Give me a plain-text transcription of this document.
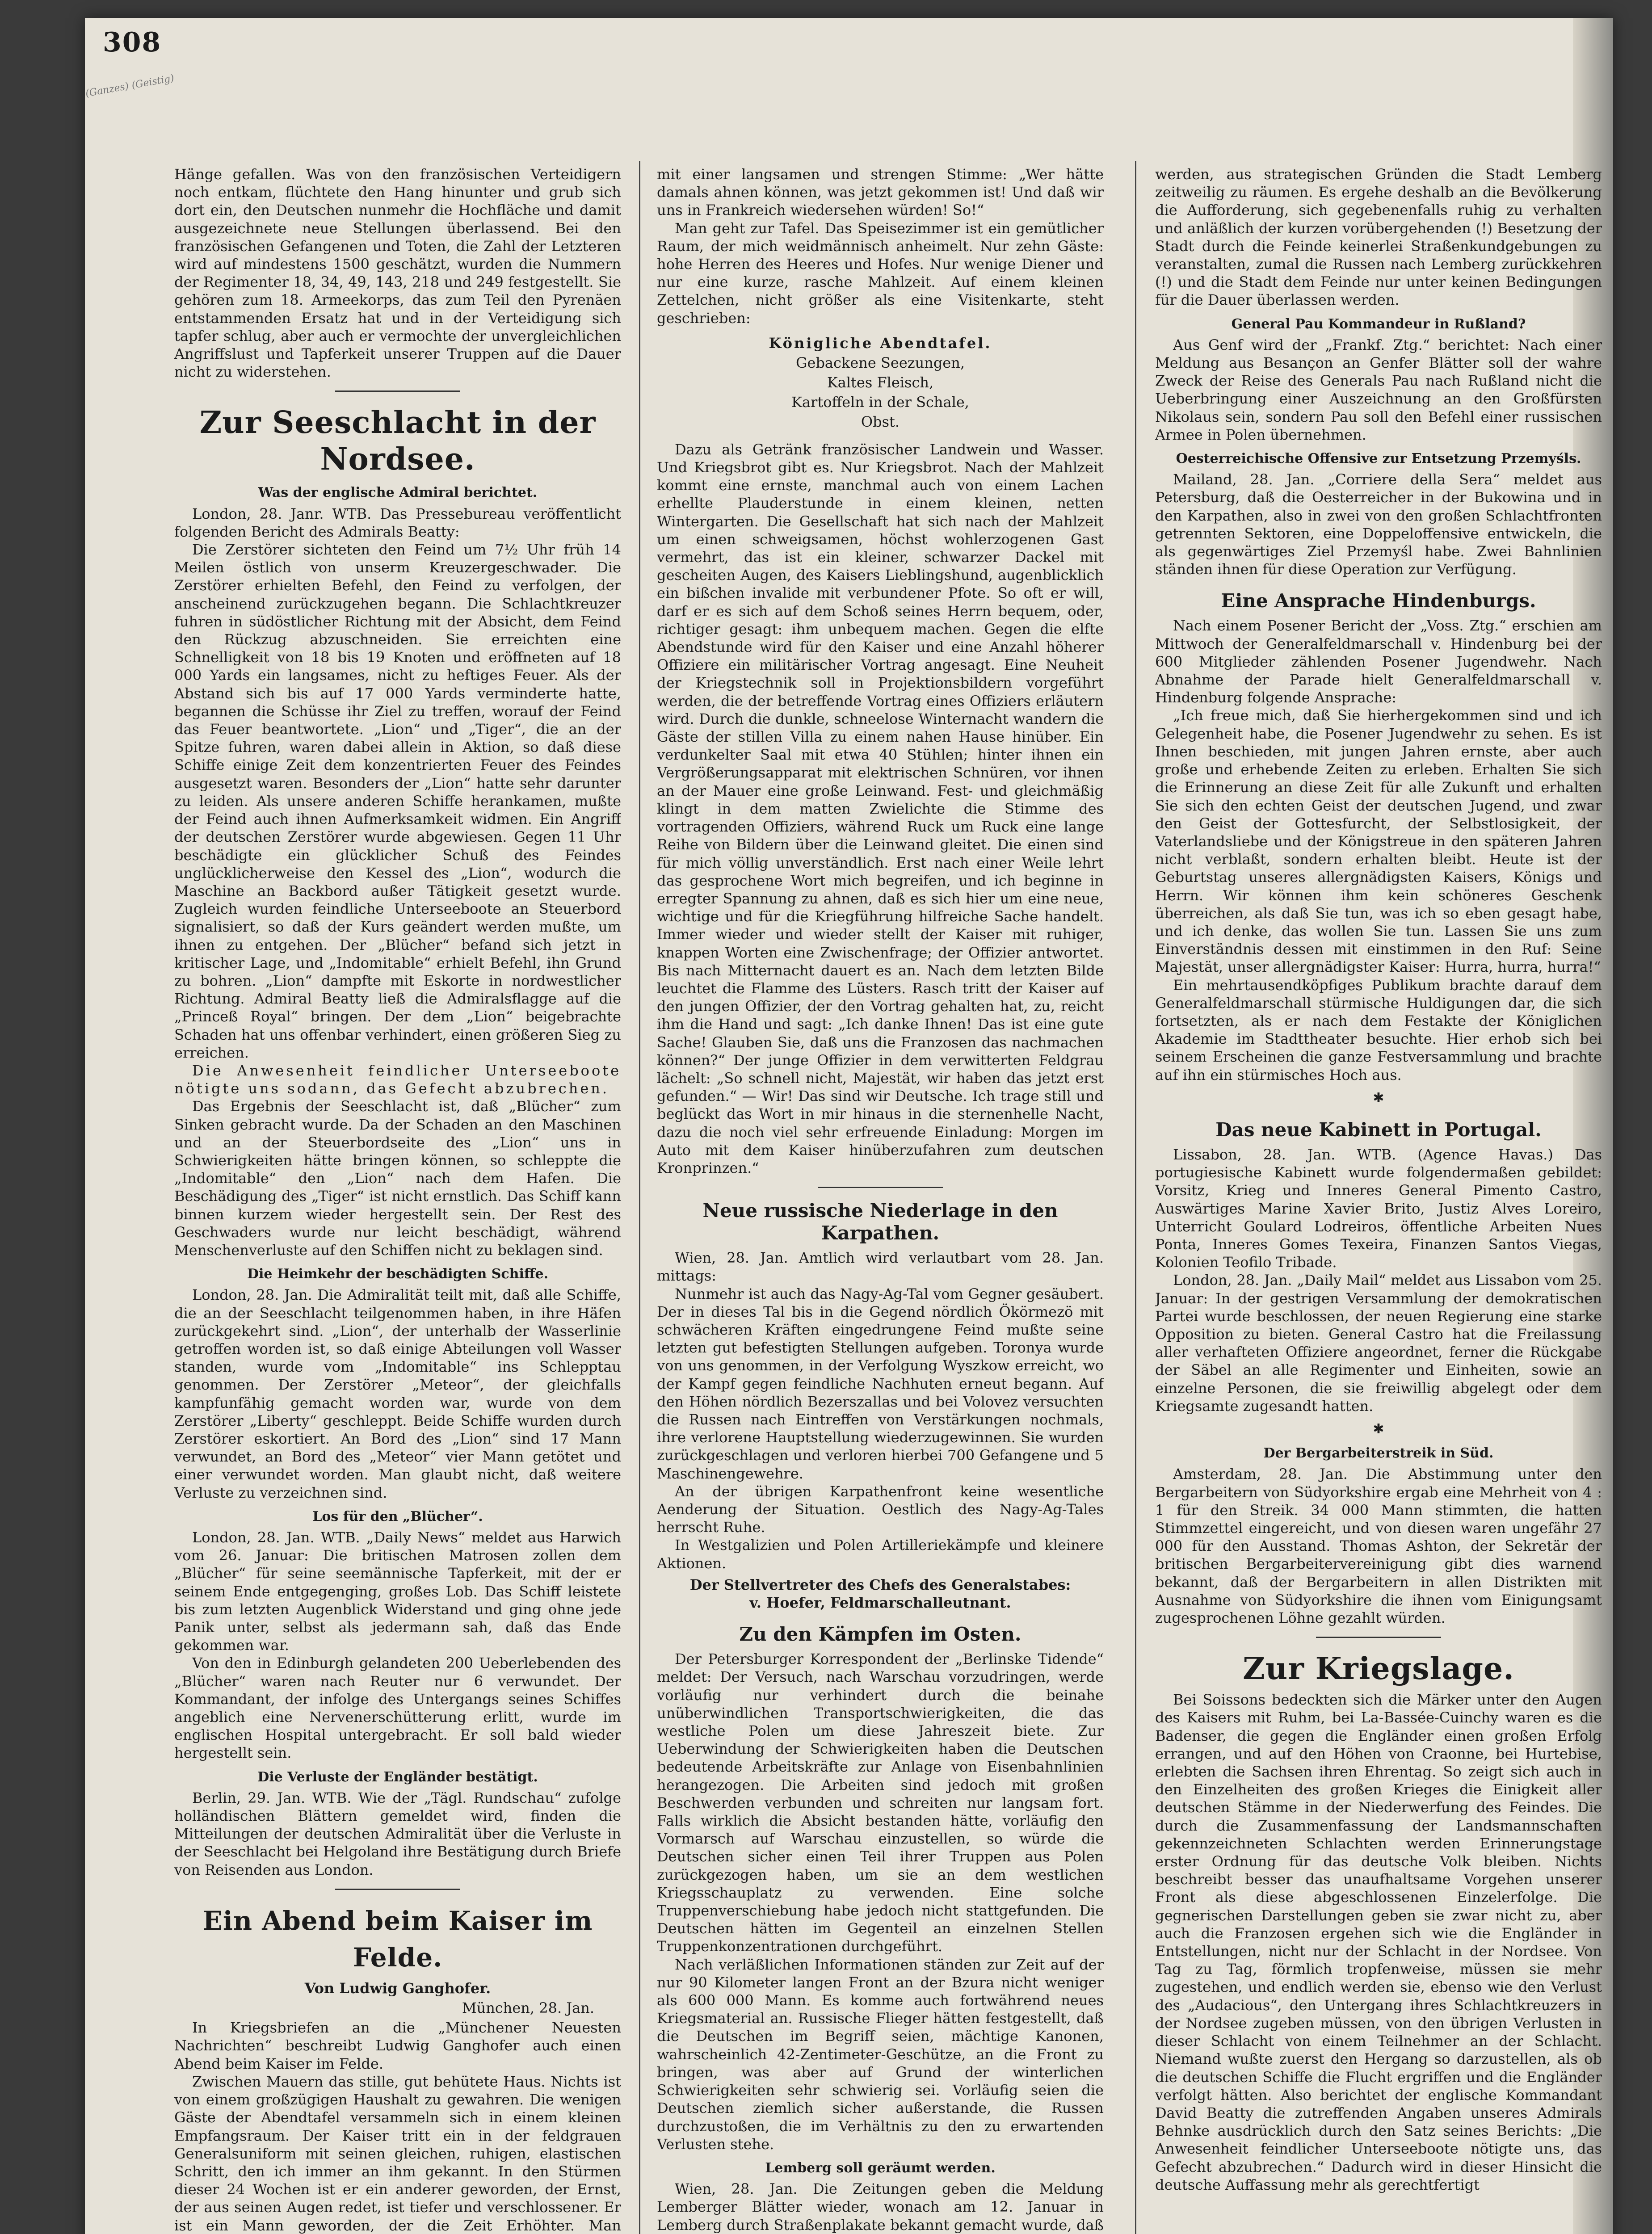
308
(Ganzes) (Geistig)

Hänge gefallen. Was von den französischen Verteidigern noch entkam, flüchtete den Hang hinunter und grub sich dort ein, den Deutschen nunmehr die Hochfläche und damit ausgezeichnete neue Stellungen überlassend. Bei den französischen Gefangenen und Toten, die Zahl der Letzteren wird auf mindestens 1500 geschätzt, wurden die Nummern der Regimenter 18, 34, 49, 143, 218 und 249 festgestellt. Sie gehören zum 18. Armeekorps, das zum Teil den Pyrenäen entstammenden Ersatz hat und in der Verteidigung sich tapfer schlug, aber auch er vermochte der unvergleichlichen Angriffslust und Tapferkeit unserer Truppen auf die Dauer nicht zu widerstehen.

Zur Seeschlacht in der Nordsee.
Was der englische Admiral berichtet.

London, 28. Janr. WTB. Das Pressebureau veröffentlicht folgenden Bericht des Admirals Beatty:

Die Zerstörer sichteten den Feind um 7½ Uhr früh 14 Meilen östlich von unserm Kreuzergeschwader. Die Zerstörer erhielten Befehl, den Feind zu verfolgen, der anscheinend zurückzugehen begann. Die Schlachtkreuzer fuhren in südöstlicher Richtung mit der Absicht, dem Feind den Rückzug abzuschneiden. Sie erreichten eine Schnelligkeit von 18 bis 19 Knoten und eröffneten auf 18 000 Yards ein langsames, nicht zu heftiges Feuer. Als der Abstand sich bis auf 17 000 Yards verminderte hatte, begannen die Schüsse ihr Ziel zu treffen, worauf der Feind das Feuer beantwortete. „Lion“ und „Tiger“, die an der Spitze fuhren, waren dabei allein in Aktion, so daß diese Schiffe einige Zeit dem konzentrierten Feuer des Feindes ausgesetzt waren. Besonders der „Lion“ hatte sehr darunter zu leiden. Als unsere anderen Schiffe herankamen, mußte der Feind auch ihnen Aufmerksamkeit widmen. Ein Angriff der deutschen Zerstörer wurde abgewiesen. Gegen 11 Uhr beschädigte ein glücklicher Schuß des Feindes unglücklicherweise den Kessel des „Lion“, wodurch die Maschine an Backbord außer Tätigkeit gesetzt wurde. Zugleich wurden feindliche Unterseeboote an Steuerbord signalisiert, so daß der Kurs geändert werden mußte, um ihnen zu entgehen. Der „Blücher“ befand sich jetzt in kritischer Lage, und „Indomitable“ erhielt Befehl, ihn Grund zu bohren. „Lion“ dampfte mit Eskorte in nordwestlicher Richtung. Admiral Beatty ließ die Admiralsflagge auf die „Princeß Royal“ bringen. Der dem „Lion“ beigebrachte Schaden hat uns offenbar verhindert, einen größeren Sieg zu erreichen.

Die Anwesenheit feindlicher Unterseeboote nötigte uns sodann, das Gefecht abzubrechen.

Das Ergebnis der Seeschlacht ist, daß „Blücher“ zum Sinken gebracht wurde. Da der Schaden an den Maschinen und an der Steuerbordseite des „Lion“ uns in Schwierigkeiten hätte bringen können, so schleppte die „Indomitable“ den „Lion“ nach dem Hafen. Die Beschädigung des „Tiger“ ist nicht ernstlich. Das Schiff kann binnen kurzem wieder hergestellt sein. Der Rest des Geschwaders wurde nur leicht beschädigt, während Menschenverluste auf den Schiffen nicht zu beklagen sind.

Die Heimkehr der beschädigten Schiffe.

London, 28. Jan. Die Admiralität teilt mit, daß alle Schiffe, die an der Seeschlacht teilgenommen haben, in ihre Häfen zurückgekehrt sind. „Lion“, der unterhalb der Wasserlinie getroffen worden ist, so daß einige Abteilungen voll Wasser standen, wurde vom „Indomitable“ ins Schlepptau genommen. Der Zerstörer „Meteor“, der gleichfalls kampfunfähig gemacht worden war, wurde von dem Zerstörer „Liberty“ geschleppt. Beide Schiffe wurden durch Zerstörer eskortiert. An Bord des „Lion“ sind 17 Mann verwundet, an Bord des „Meteor“ vier Mann getötet und einer verwundet worden. Man glaubt nicht, daß weitere Verluste zu verzeichnen sind.

Los für den „Blücher“.

London, 28. Jan. WTB. „Daily News“ meldet aus Harwich vom 26. Januar: Die britischen Matrosen zollen dem „Blücher“ für seine seemännische Tapferkeit, mit der er seinem Ende entgegenging, großes Lob. Das Schiff leistete bis zum letzten Augenblick Widerstand und ging ohne jede Panik unter, selbst als jedermann sah, daß das Ende gekommen war.

Von den in Edinburgh gelandeten 200 Ueberlebenden des „Blücher“ waren nach Reuter nur 6 verwundet. Der Kommandant, der infolge des Untergangs seines Schiffes angeblich eine Nervenerschütterung erlitt, wurde im englischen Hospital untergebracht. Er soll bald wieder hergestellt sein.

Die Verluste der Engländer bestätigt.

Berlin, 29. Jan. WTB. Wie der „Tägl. Rundschau“ zufolge holländischen Blättern gemeldet wird, finden die Mitteilungen der deutschen Admiralität über die Verluste in der Seeschlacht bei Helgoland ihre Bestätigung durch Briefe von Reisenden aus London.

Ein Abend beim Kaiser im Felde.
Von Ludwig Ganghofer.
München, 28. Jan.

In Kriegsbriefen an die „Münchener Neuesten Nachrichten“ beschreibt Ludwig Ganghofer auch einen Abend beim Kaiser im Felde.

Zwischen Mauern das stille, gut behütete Haus. Nichts ist von einem großzügigen Haushalt zu gewahren. Die wenigen Gäste der Abendtafel versammeln sich in einem kleinen Empfangsraum. Der Kaiser tritt ein in der feldgrauen Generalsuniform mit seinen gleichen, ruhigen, elastischen Schritt, den ich immer an ihm gekannt. In den Stürmen dieser 24 Wochen ist er ein anderer geworden, der Ernst, der aus seinen Augen redet, ist tiefer und verschlossener. Er ist ein Mann geworden, der die Zeit Erhöhter. Man

mit einer langsamen und strengen Stimme: „Wer hätte damals ahnen können, was jetzt gekommen ist! Und daß wir uns in Frankreich wiedersehen würden! So!“

Man geht zur Tafel. Das Speisezimmer ist ein gemütlicher Raum, der mich weidmännisch anheimelt. Nur zehn Gäste: hohe Herren des Heeres und Hofes. Nur wenige Diener und nur eine kurze, rasche Mahlzeit. Auf einem kleinen Zettelchen, nicht größer als eine Visitenkarte, steht geschrieben:

Königliche Abendtafel.
Gebackene Seezungen,
Kaltes Fleisch,
Kartoffeln in der Schale,
Obst.

Dazu als Getränk französischer Landwein und Wasser. Und Kriegsbrot gibt es. Nur Kriegsbrot. Nach der Mahlzeit kommt eine ernste, manchmal auch von einem Lachen erhellte Plauderstunde in einem kleinen, netten Wintergarten. Die Gesellschaft hat sich nach der Mahlzeit um einen schweigsamen, höchst wohlerzogenen Gast vermehrt, das ist ein kleiner, schwarzer Dackel mit gescheiten Augen, des Kaisers Lieblingshund, augenblicklich ein bißchen invalide mit verbundener Pfote. So oft er will, darf er es sich auf dem Schoß seines Herrn bequem, oder, richtiger gesagt: ihm unbequem machen. Gegen die elfte Abendstunde wird für den Kaiser und eine Anzahl höherer Offiziere ein militärischer Vortrag angesagt. Eine Neuheit der Kriegstechnik soll in Projektionsbildern vorgeführt werden, die der betreffende Vortrag eines Offiziers erläutern wird. Durch die dunkle, schneelose Winternacht wandern die Gäste der stillen Villa zu einem nahen Hause hinüber. Ein verdunkelter Saal mit etwa 40 Stühlen; hinter ihnen ein Vergrößerungsapparat mit elektrischen Schnüren, vor ihnen an der Mauer eine große Leinwand. Fest- und gleichmäßig klingt in dem matten Zwielichte die Stimme des vortragenden Offiziers, während Ruck um Ruck eine lange Reihe von Bildern über die Leinwand gleitet. Die einen sind für mich völlig unverständlich. Erst nach einer Weile lehrt das gesprochene Wort mich begreifen, und ich beginne in erregter Spannung zu ahnen, daß es sich hier um eine neue, wichtige und für die Kriegführung hilfreiche Sache handelt. Immer wieder und wieder stellt der Kaiser mit ruhiger, knappen Worten eine Zwischenfrage; der Offizier antwortet. Bis nach Mitternacht dauert es an. Nach dem letzten Bilde leuchtet die Flamme des Lüsters. Rasch tritt der Kaiser auf den jungen Offizier, der den Vortrag gehalten hat, zu, reicht ihm die Hand und sagt: „Ich danke Ihnen! Das ist eine gute Sache! Glauben Sie, daß uns die Franzosen das nachmachen können?“ Der junge Offizier in dem verwitterten Feldgrau lächelt: „So schnell nicht, Majestät, wir haben das jetzt erst gefunden.“ — Wir! Das sind wir Deutsche. Ich trage still und beglückt das Wort in mir hinaus in die sternenhelle Nacht, dazu die noch viel sehr erfreuende Einladung: Morgen im Auto mit dem Kaiser hinüberzufahren zum deutschen Kronprinzen.“

Neue russische Niederlage in den Karpathen.

Wien, 28. Jan. Amtlich wird verlautbart vom 28. Jan. mittags:

Nunmehr ist auch das Nagy-Ag-Tal vom Gegner gesäubert. Der in dieses Tal bis in die Gegend nördlich Ökörmezö mit schwächeren Kräften eingedrungene Feind mußte seine letzten gut befestigten Stellungen aufgeben. Toronya wurde von uns genommen, in der Verfolgung Wyszkow erreicht, wo der Kampf gegen feindliche Nachhuten erneut begann. Auf den Höhen nördlich Bezerszallas und bei Volovez versuchten die Russen nach Eintreffen von Verstärkungen nochmals, ihre verlorene Hauptstellung wiederzugewinnen. Sie wurden zurückgeschlagen und verloren hierbei 700 Gefangene und 5 Maschinengewehre.

An der übrigen Karpathenfront keine wesentliche Aenderung der Situation. Oestlich des Nagy-Ag-Tales herrscht Ruhe.

In Westgalizien und Polen Artilleriekämpfe und kleinere Aktionen.

Der Stellvertreter des Chefs des Generalstabes:
v. Hoefer, Feldmarschalleutnant.
Zu den Kämpfen im Osten.

Der Petersburger Korrespondent der „Berlinske Tidende“ meldet: Der Versuch, nach Warschau vorzudringen, werde vorläufig nur verhindert durch die beinahe unüberwindlichen Transportschwierigkeiten, die das westliche Polen um diese Jahreszeit biete. Zur Ueberwindung der Schwierigkeiten haben die Deutschen bedeutende Arbeitskräfte zur Anlage von Eisenbahnlinien herangezogen. Die Arbeiten sind jedoch mit großen Beschwerden verbunden und schreiten nur langsam fort. Falls wirklich die Absicht bestanden hätte, vorläufig den Vormarsch auf Warschau einzustellen, so würde die Deutschen sicher einen Teil ihrer Truppen aus Polen zurückgezogen haben, um sie an dem westlichen Kriegsschauplatz zu verwenden. Eine solche Truppenverschiebung habe jedoch nicht stattgefunden. Die Deutschen hätten im Gegenteil an einzelnen Stellen Truppenkonzentrationen durchgeführt.

Nach verläßlichen Informationen ständen zur Zeit auf der nur 90 Kilometer langen Front an der Bzura nicht weniger als 600 000 Mann. Es komme auch fortwährend neues Kriegsmaterial an. Russische Flieger hätten festgestellt, daß die Deutschen im Begriff seien, mächtige Kanonen, wahrscheinlich 42-Zentimeter-Geschütze, an die Front zu bringen, was aber auf Grund der winterlichen Schwierigkeiten sehr schwierig sei. Vorläufig seien die Deutschen ziemlich sicher außerstande, die Russen durchzustoßen, die im Verhältnis zu den zu erwartenden Verlusten stehe.

Lemberg soll geräumt werden.

Wien, 28. Jan. Die Zeitungen geben die Meldung Lemberger Blätter wieder, wonach am 12. Januar in Lemberg durch Straßenplakate bekannt gemacht wurde, daß

werden, aus strategischen Gründen die Stadt Lemberg zeitweilig zu räumen. Es ergehe deshalb an die Bevölkerung die Aufforderung, sich gegebenenfalls ruhig zu verhalten und anläßlich der kurzen vorübergehenden (!) Besetzung der Stadt durch die Feinde keinerlei Straßenkundgebungen zu veranstalten, zumal die Russen nach Lemberg zurückkehren (!) und die Stadt dem Feinde nur unter keinen Bedingungen für die Dauer überlassen werden.

General Pau Kommandeur in Rußland?

Aus Genf wird der „Frankf. Ztg.“ berichtet: Nach einer Meldung aus Besançon an Genfer Blätter soll der wahre Zweck der Reise des Generals Pau nach Rußland nicht die Ueberbringung einer Auszeichnung an den Großfürsten Nikolaus sein, sondern Pau soll den Befehl einer russischen Armee in Polen übernehmen.

Oesterreichische Offensive zur Entsetzung Przemyśls.

Mailand, 28. Jan. „Corriere della Sera“ meldet aus Petersburg, daß die Oesterreicher in der Bukowina und in den Karpathen, also in zwei von den großen Schlachtfronten getrennten Sektoren, eine Doppeloffensive entwickeln, die als gegenwärtiges Ziel Przemyśl habe. Zwei Bahnlinien ständen ihnen für diese Operation zur Verfügung.

Eine Ansprache Hindenburgs.

Nach einem Posener Bericht der „Voss. Ztg.“ erschien am Mittwoch der Generalfeldmarschall v. Hindenburg bei der 600 Mitglieder zählenden Posener Jugendwehr. Nach Abnahme der Parade hielt Generalfeldmarschall v. Hindenburg folgende Ansprache:

„Ich freue mich, daß Sie hierhergekommen sind und ich Gelegenheit habe, die Posener Jugendwehr zu sehen. Es ist Ihnen beschieden, mit jungen Jahren ernste, aber auch große und erhebende Zeiten zu erleben. Erhalten Sie sich die Erinnerung an diese Zeit für alle Zukunft und erhalten Sie sich den echten Geist der deutschen Jugend, und zwar den Geist der Gottesfurcht, der Selbstlosigkeit, der Vaterlandsliebe und der Königstreue in den späteren Jahren nicht verblaßt, sondern erhalten bleibt. Heute ist der Geburtstag unseres allergnädigsten Kaisers, Königs und Herrn. Wir können ihm kein schöneres Geschenk überreichen, als daß Sie tun, was ich so eben gesagt habe, und ich denke, das wollen Sie tun. Lassen Sie uns zum Einverständnis dessen mit einstimmen in den Ruf: Seine Majestät, unser allergnädigster Kaiser: Hurra, hurra, hurra!“

Ein mehrtausendköpfiges Publikum brachte darauf dem Generalfeldmarschall stürmische Huldigungen dar, die sich fortsetzten, als er nach dem Festakte der Königlichen Akademie im Stadttheater besuchte. Hier erhob sich bei seinem Erscheinen die ganze Festversammlung und brachte auf ihn ein stürmisches Hoch aus.

✱
Das neue Kabinett in Portugal.

Lissabon, 28. Jan. WTB. (Agence Havas.) Das portugiesische Kabinett wurde folgendermaßen gebildet: Vorsitz, Krieg und Inneres General Pimento Castro, Auswärtiges Marine Xavier Brito, Justiz Alves Loreiro, Unterricht Goulard Lodreiros, öffentliche Arbeiten Nues Ponta, Inneres Gomes Texeira, Finanzen Santos Viegas, Kolonien Teofilo Tribade.

London, 28. Jan. „Daily Mail“ meldet aus Lissabon vom 25. Januar: In der gestrigen Versammlung der demokratischen Partei wurde beschlossen, der neuen Regierung eine starke Opposition zu bieten. General Castro hat die Freilassung aller verhafteten Offiziere angeordnet, ferner die Rückgabe der Säbel an alle Regimenter und Einheiten, sowie an einzelne Personen, die sie freiwillig abgelegt oder dem Kriegsamte zugesandt hatten.

✱
Der Bergarbeiterstreik in Süd.

Amsterdam, 28. Jan. Die Abstimmung unter den Bergarbeitern von Südyorkshire ergab eine Mehrheit von 4 : 1 für den Streik. 34 000 Mann stimmten, die hatten Stimmzettel eingereicht, und von diesen waren ungefähr 27 000 für den Ausstand. Thomas Ashton, der Sekretär der britischen Bergarbeitervereinigung gibt dies warnend bekannt, daß der Bergarbeitern in allen Distrikten mit Ausnahme von Südyorkshire die ihnen vom Einigungsamt zugesprochenen Löhne gezahlt würden.

Zur Kriegslage.

Bei Soissons bedeckten sich die Märker unter den Augen des Kaisers mit Ruhm, bei La-Bassée-Cuinchy waren es die Badenser, die gegen die Engländer einen großen Erfolg errangen, und auf den Höhen von Craonne, bei Hurtebise, erlebten die Sachsen ihren Ehrentag. So zeigt sich auch in den Einzelheiten des großen Krieges die Einigkeit aller deutschen Stämme in der Niederwerfung des Feindes. Die durch die Zusammenfassung der Landsmannschaften gekennzeichneten Schlachten werden Erinnerungstage erster Ordnung für das deutsche Volk bleiben. Nichts beschreibt besser das unaufhaltsame Vorgehen unserer Front als diese abgeschlossenen Einzelerfolge. Die gegnerischen Darstellungen geben sie zwar nicht zu, aber auch die Franzosen ergehen sich wie die Engländer in Entstellungen, nicht nur der Schlacht in der Nordsee. Von Tag zu Tag, förmlich tropfenweise, müssen sie mehr zugestehen, und endlich werden sie, ebenso wie den Verlust des „Audacious“, den Untergang ihres Schlachtkreuzers in der Nordsee zugeben müssen, von den übrigen Verlusten in dieser Schlacht von einem Teilnehmer an der Schlacht. Niemand wußte zuerst den Hergang so darzustellen, als ob die deutschen Schiffe die Flucht ergriffen und die Engländer verfolgt hätten. Also berichtet der englische Kommandant David Beatty die zutreffenden Angaben unseres Admirals Behnke ausdrücklich durch den Satz seines Berichts: „Die Anwesenheit feindlicher Unterseeboote nötigte uns, das Gefecht abzubrechen.“ Dadurch wird in dieser Hinsicht die deutsche Auffassung mehr als gerechtfertigt
